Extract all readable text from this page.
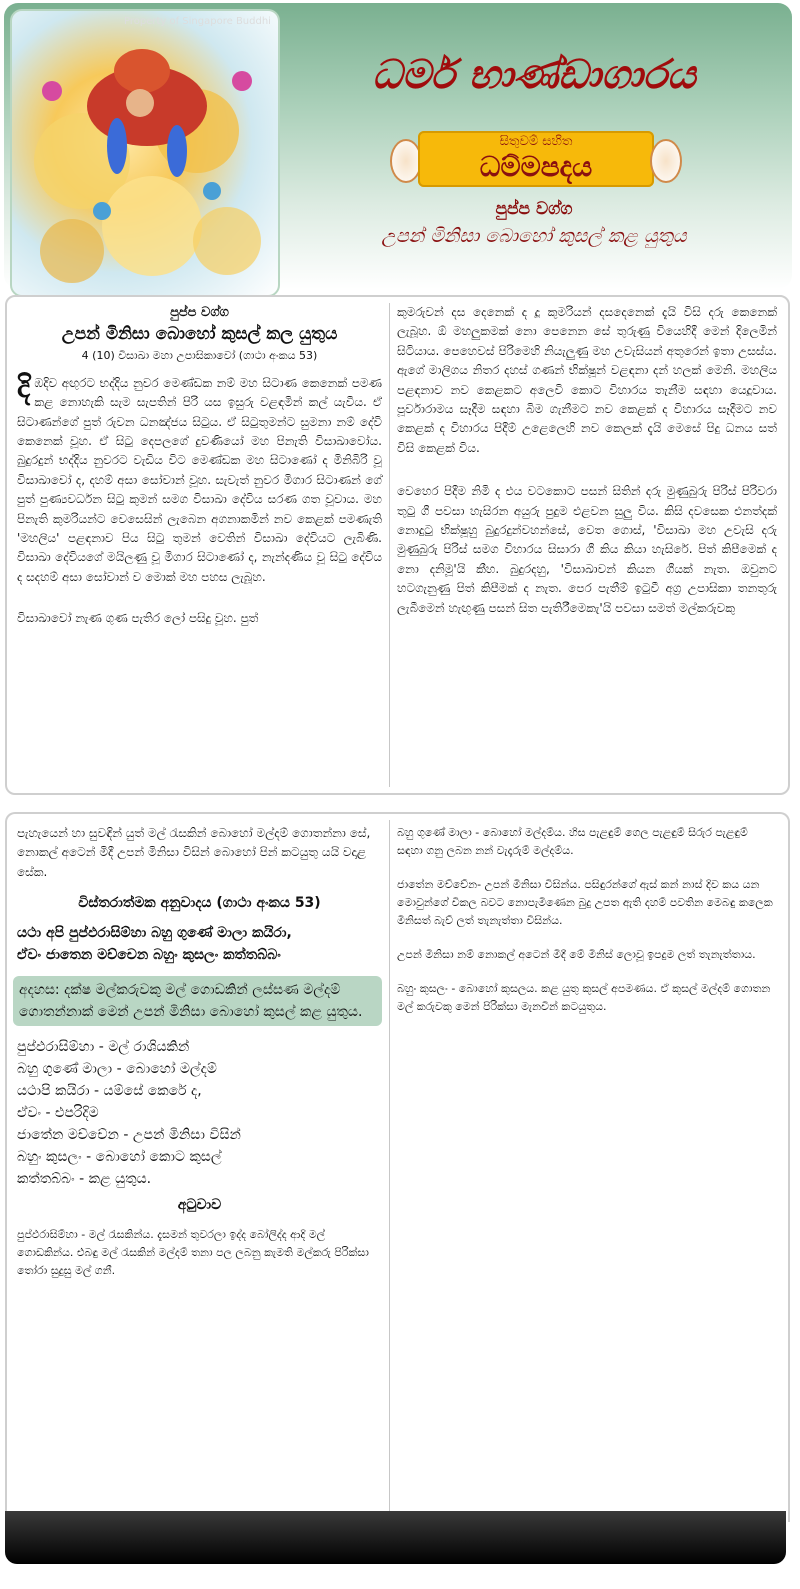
Property of Singapore Buddhi
ධර්ම භාණ්ඩාගාරය
සිතුවම් සහිත
ධම්මපදය
පුප්ප වග්ග
උපන් මිනිසා බොහෝ කුසල් කළ යුතුය

පුප්ප වග්ග

උපන් මිනිසා බොහෝ කුසල් කල යුතුය

4 (10) විසාඛා මහා උපාසිකාවෝ (ගාථා අංකය 53)

දිඹදිව අඟුරට භද්දිය නුවර මෙණ්ඩක නම් මහ සිටාණ කෙනෙක් පමණ කළ නොහැකි සැම සැපතින් පිරි යස ඉසුරු වළඳමින් කල් යැවීය. ඒ සිටාණන්ගේ පුත් රුවන ධනඤ්ජය සිටුය. ඒ සිටුතුමන්ට සුමනා නම් දේවි කෙනෙක් වූහ. ඒ සිටු දෙපලගේ දුවණියෝ මහ පිනැති විසාඛාවෝය. බුදුරදුන් භද්දිය නුවරට වැඩිය විට මෙණ්ඩක මහ සිටාණෝ ද මිනිබිරි වූ විසාඛාවෝ ද, දහම් අසා සෝවාන් වූහ. සැවැත් නුවර මිගාර සිටාණන් ගේ පුත් පුණ්‍යවර්ධන සිටු කුමන් සමග විසාඛා දේවිය සරණ ගත වූවාය. මහ පිනැති කුමරියන්ට වෙසෙසින් ලැබෙන අගනාකමින් නව කෙළක් පමණැති 'මහලිය' පළඳනාව පිය සිටු තුමන් වෙතින් විසාඛා දේවියට ලැබිණි. විසාඛා දේවියගේ මයිලණු වූ මිගාර සිටාණෝ ද, නැන්දණිය වූ සිටු දේවිය ද සදහම් අසා සෝවාන් ව මොක් මහ පහස ලැබූහ.

විසාඛාවෝ නැණ ගුණ පැතිර ලෝ පසිදු වූහ. පුත්

කුමරුවන් දස දෙනෙක් ද දූ කුමරියන් දසදෙනෙක් දැයි විසි දරු කෙනෙක් ලැබූහ. ඕ මහලුකමක් නො පෙනෙන සේ තුරුණු වියෙහිදී මෙන් දිලෙමින් සිටියාය. පෙහෙවස් පිරිමෙහි නියැලුණු මහ උවැසියන් අතුරෙන් ඉතා උසස්ය. ඇගේ මාලිගය නිතර දහස් ගණන් භික්ෂූන් වළඳනා දන් හලක් මෙනි. මහලිය පළඳනාව නව කෙළකට අලෙවි කොට විහාරය තැනීම සඳහා යෙදූවාය. පූර්වාරාමය සෑදීම සඳහා බිම ගැනීමට නව කෙළක් ද විහාරය සෑදීමට නව කෙළක් ද විහාරය පිදීම් උළෙලෙහි නව කෙලක් දැයි මෙසේ පිදු ධනය සත් විසි කෙළක් විය.

වෙහෙර පිදීම නිමි ද එය වටකොට පසන් සිතින් දරු මුණුබුරු පිරිස් පිරිවරා තුටු ගී පවසා හැසිරන අයුරු පුදුම එළවන සුලු විය. කිසි දවසෙක එනත්දක් නොදුටු භික්ෂූහු බුදුරදුන්වහන්සේ, වෙත ගොස්, 'විසාඛා මහ උවැසි දරු මුණුබුරු පිරිස් සමග විහාරය සිසාරා ගී කිය කියා හැසිරේ. පිත් කිපීමෙක් ද නො දනිමූ'යි කීහ. බුදුරදහු, 'විසාඛාවන් කියන ගීයක් නැත. ඔවුනට හටගැනුණු පිත් කිපීමක් ද නැත. පෙර පැතීම් ඉටුවී අග්‍ර උපාසිකා තනතුරු ලැබීමෙන් හැඟුණු පසන් සිත පැතිරීමෙකැ'යි පවසා සමත් මල්කරුවකු

පැහැයෙන් හා සුවඳින් යුත් මල් රැසකින් බොහෝ මල්දම් ගොතන්නා සේ, නොකල් අටෙන් මිදී උපන් මිනිසා විසින් බොහෝ පින් කටයුතු යයි වදාළ සේක.

විස්තරාත්මක අනුවාදය (ගාථා අංකය 53)

යථා අපි පුප්ඵරාසිම්හා බහු ගුණේ මාලා කයිරා,

ඒවං ජාතෙන මච්චෙන බහුං කුසලං කත්තබ්බං

අදහස: දක්ෂ මල්කරුවකු මල් ගොඩකින් ලස්සණ මල්දම් ගොතන්නාක් මෙන් උපන් මිනිසා බොහෝ කුසල් කළ යුතුය.

පුප්ඵරාසිම්හා - මල් රාශියකින්

බහු ගුණේ මාලා - බොහෝ මල්දම්

යථාපි කයිරා - යම්සේ කෙරේ ද,

ඒවං - එපරිදිම

ජාතේන මච්චේන - උපන් මිනිසා විසින්

බහුං කුසලං - බොහෝ කොට කුසල්

කත්තබ්බං - කළ යුතුය.

අටුවාව

පුප්ඵරාසිම්හා - මල් රැසකින්ය. දැසමන් තුවරලා ඉද්ද බෝලිද්ද ආදි මල් ගොඩකින්ය. එබඳු මල් රැසකින් මල්දම් තනා පල ලබනු කැමති මල්කරු පිරික්සා තෝරා සුදුසු මල් ගනී.

බහු ගුණේ මාලා - බොහෝ මල්දම්ය. හිස පැළඳුම් ගෙල පැළඳුම් සිරුර පැළඳුම් සඳහා ගනු ලබන නන් වැදෑරුම් මල්දම්ය.

ජාතේන මච්චේන- උපන් මිනිසා විසින්ය. පසිඳුරන්ගේ ඇස් කන් නාස් දිව කය යන මොවුන්ගේ විකල බවට නොපැමිණෙන බුදු උපත ඇති දහම් පවතින මෙබඳු කලෙක මිනිසත් බැව් ලත් තැනැත්තා විසින්ය.

උපන් මිනිසා නම් නොකල් අටෙන් මිදී මේ මිනිස් ලොවූ ඉපදුම ලත් තැනැත්තාය.

බහුං කුසලං - බොහෝ කුසලය. කළ යුතු කුසල් අපමණය. ඒ කුසල් මල්දම් ගොතන මල් කරුවකු මෙන් පිරික්සා මැනවින් කටයුතුය.
